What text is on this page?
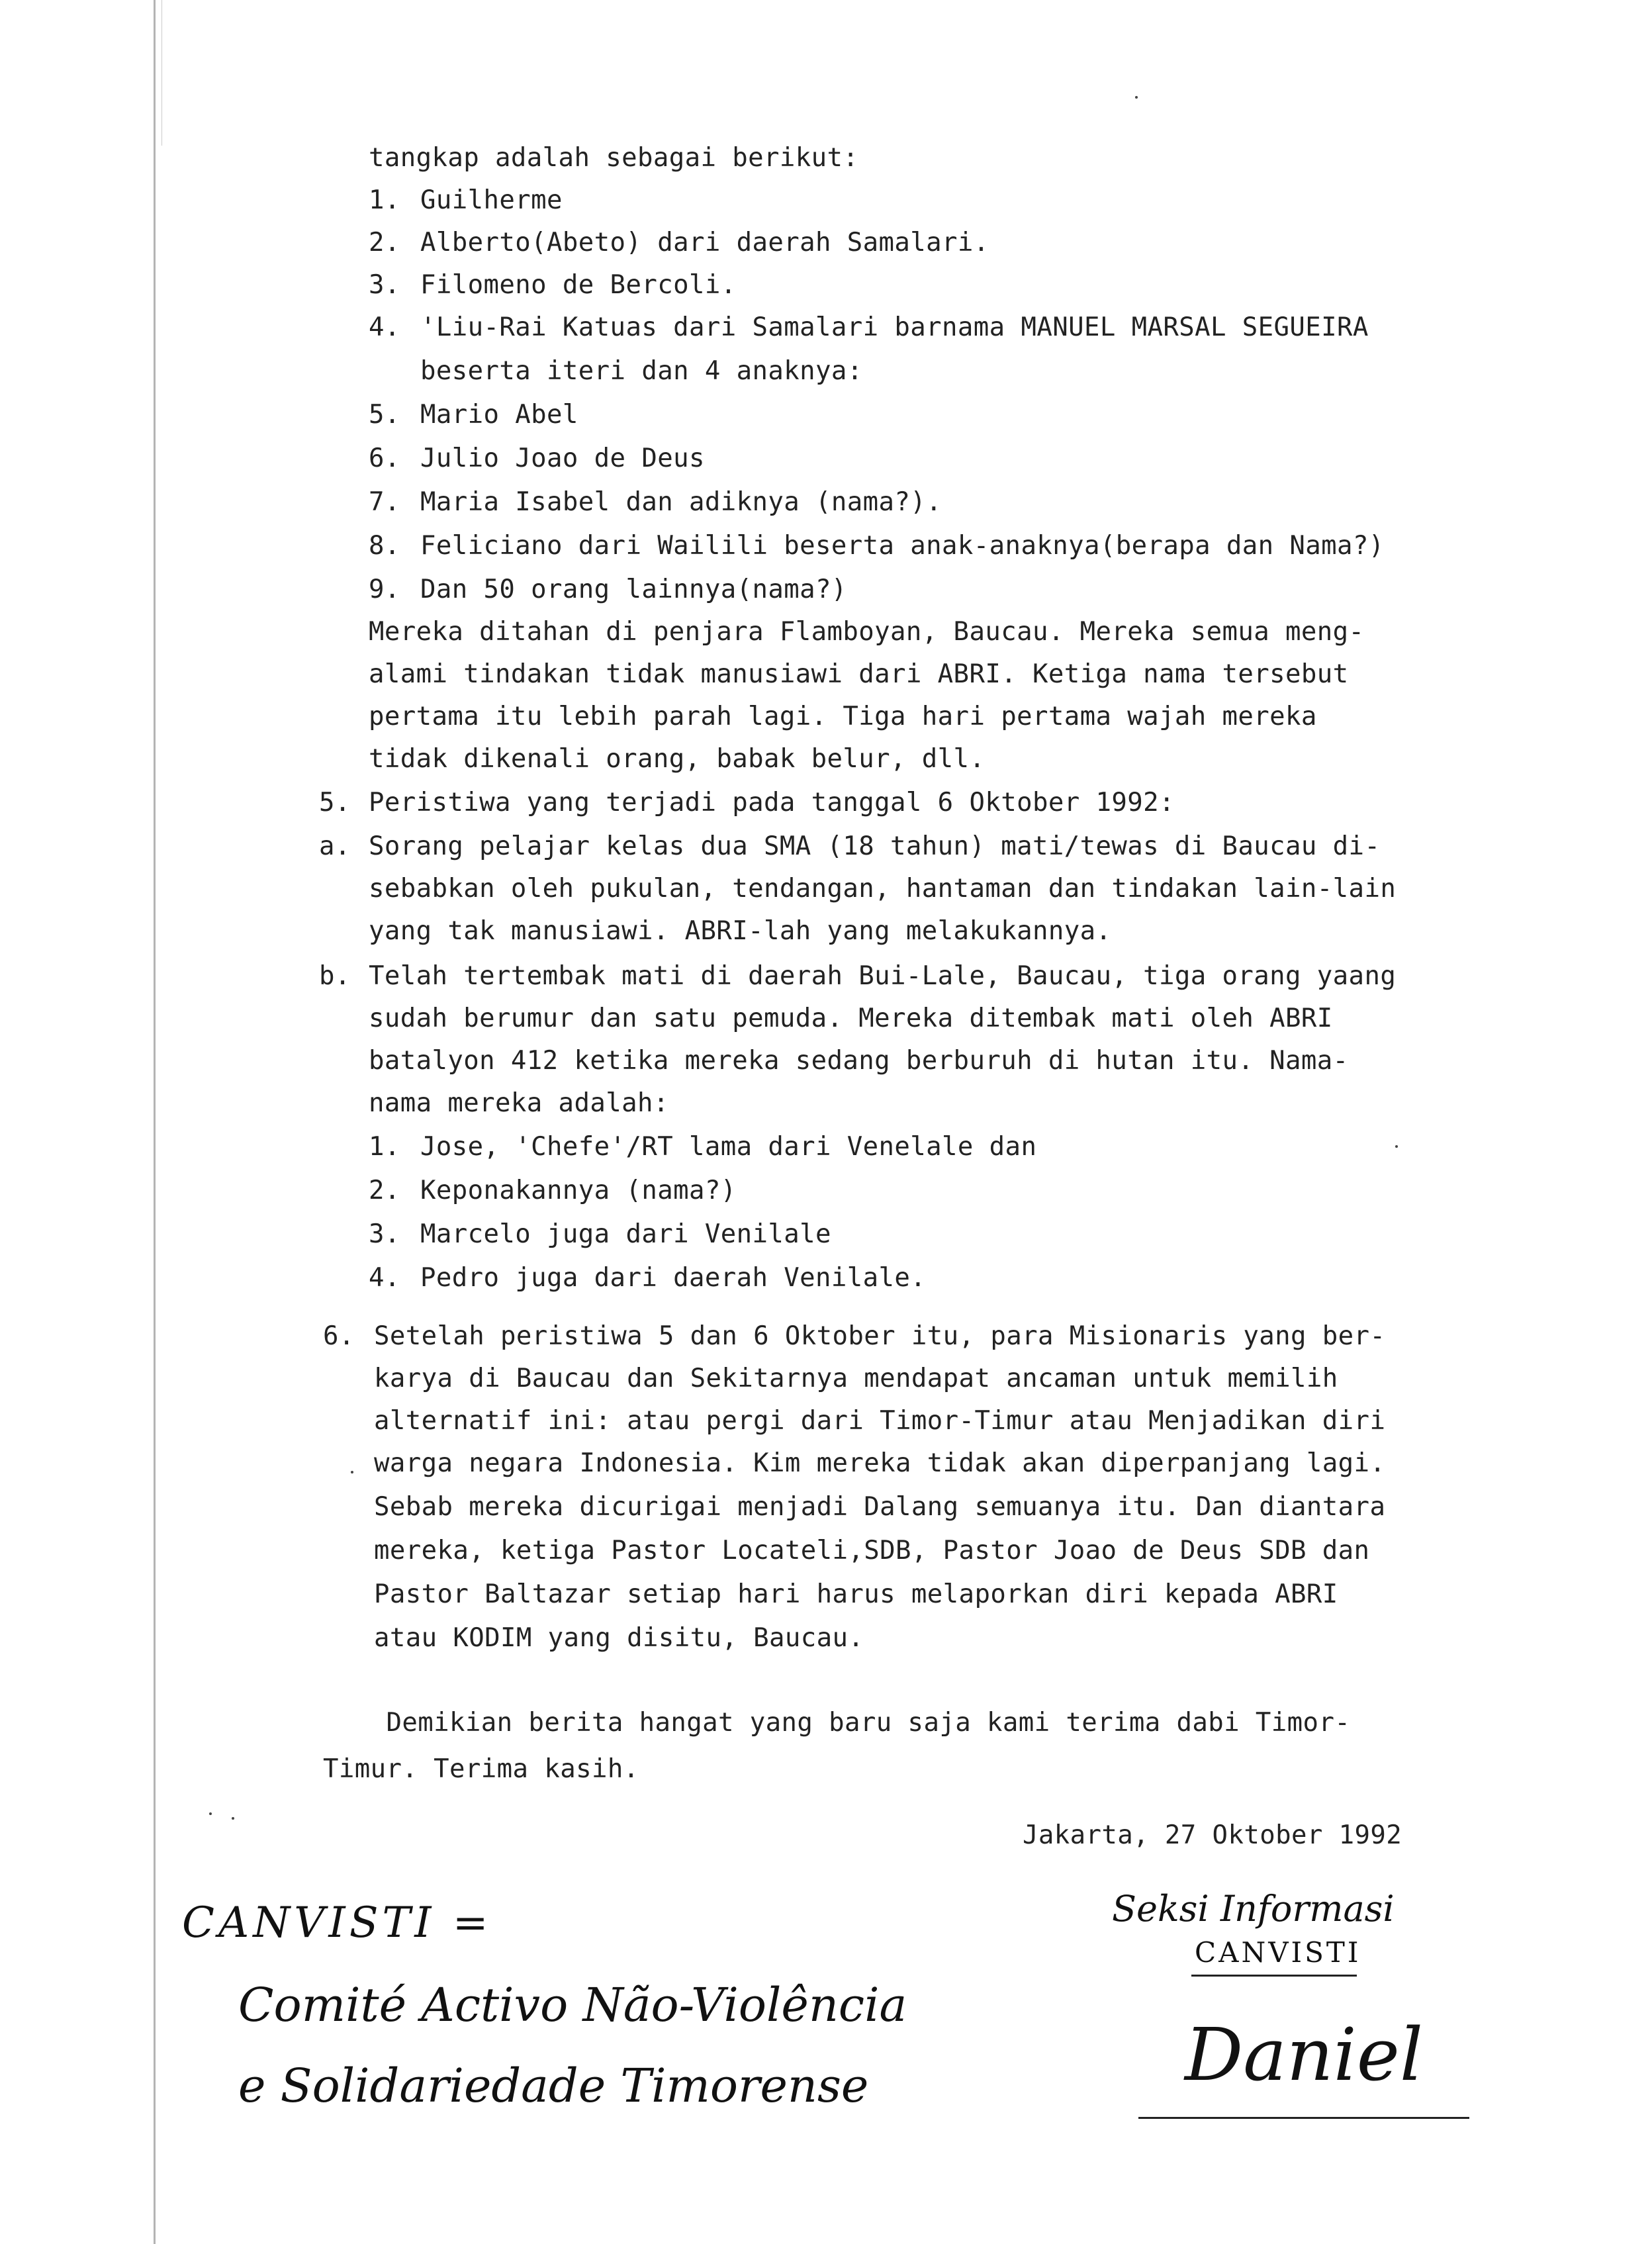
tangkap adalah sebagai berikut:
1. Guilherme
2. Alberto(Abeto) dari daerah Samalari.
3. Filomeno de Bercoli.
4. 'Liu-Rai Katuas dari Samalari barnama MANUEL MARSAL SEGUEIRA
beserta iteri dan 4 anaknya:
5. Mario Abel
6. Julio Joao de Deus
7. Maria Isabel dan adiknya (nama?).
8. Feliciano dari Wailili beserta anak-anaknya(berapa dan Nama?)
9. Dan 50 orang lainnya(nama?)
Mereka ditahan di penjara Flamboyan, Baucau. Mereka semua meng-
alami tindakan tidak manusiawi dari ABRI. Ketiga nama tersebut
pertama itu lebih parah lagi. Tiga hari pertama wajah mereka
tidak dikenali orang, babak belur, dll.
5. Peristiwa yang terjadi pada tanggal 6 Oktober 1992:
a. Sorang pelajar kelas dua SMA (18 tahun) mati/tewas di Baucau di-
sebabkan oleh pukulan, tendangan, hantaman dan tindakan lain-lain
yang tak manusiawi. ABRI-lah yang melakukannya.
b. Telah tertembak mati di daerah Bui-Lale, Baucau, tiga orang yaang
sudah berumur dan satu pemuda. Mereka ditembak mati oleh ABRI
batalyon 412 ketika mereka sedang berburuh di hutan itu. Nama-
nama mereka adalah:
1. Jose, 'Chefe'/RT lama dari Venelale dan
2. Keponakannya (nama?)
3. Marcelo juga dari Venilale
4. Pedro juga dari daerah Venilale.
6. Setelah peristiwa 5 dan 6 Oktober itu, para Misionaris yang ber-
karya di Baucau dan Sekitarnya mendapat ancaman untuk memilih
alternatif ini: atau pergi dari Timor-Timur atau Menjadikan diri
warga negara Indonesia. Kim mereka tidak akan diperpanjang lagi.
Sebab mereka dicurigai menjadi Dalang semuanya itu. Dan diantara
mereka, ketiga Pastor Locateli,SDB, Pastor Joao de Deus SDB dan
Pastor Baltazar setiap hari harus melaporkan diri kepada ABRI
atau KODIM yang disitu, Baucau.
Demikian berita hangat yang baru saja kami terima dabi Timor-
Timur. Terima kasih.
Jakarta, 27 Oktober 1992
CANVISTI =
Comité Activo Não-Violência
e Solidariedade Timorense
Seksi Informasi
CANVISTI
Daniel
